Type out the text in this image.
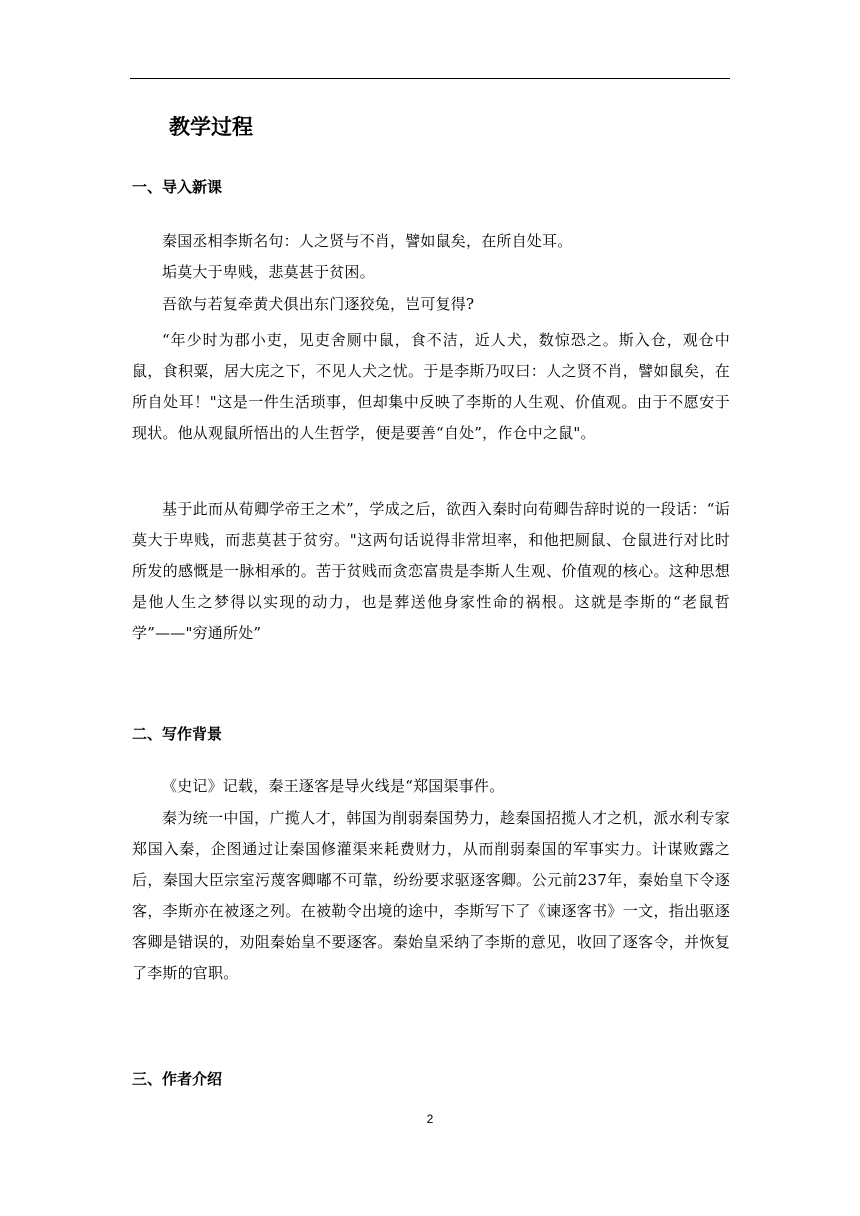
教学过程
一、导入新课

秦国丞相李斯名句：人之贤与不肖，譬如鼠矣，在所自处耳。

垢莫大于卑贱，悲莫甚于贫困。

吾欲与若复牵黄犬俱出东门逐狡兔，岂可复得?

“年少时为郡小吏，见吏舍厕中鼠，食不洁，近人犬，数惊恐之。斯入仓，观仓中鼠，食积粟，居大庑之下，不见人犬之忧。于是李斯乃叹曰：人之贤不肖，譬如鼠矣，在所自处耳！"这是一件生活琐事，但却集中反映了李斯的人生观、价值观。由于不愿安于现状。他从观鼠所悟出的人生哲学，便是要善“自处”，作仓中之鼠"。

基于此而从荀卿学帝王之术”，学成之后，欲西入秦时向荀卿告辞时说的一段话：“诟莫大于卑贱，而悲莫甚于贫穷。"这两句话说得非常坦率，和他把厕鼠、仓鼠进行对比时所发的感慨是一脉相承的。苦于贫贱而贪恋富贵是李斯人生观、价值观的核心。这种思想是他人生之梦得以实现的动力，也是葬送他身家性命的祸根。这就是李斯的“老鼠哲学”——"穷通所处”

二、写作背景

《史记》记载，秦王逐客是导火线是“郑国渠事件。

秦为统一中国，广揽人才，韩国为削弱秦国势力，趁秦国招揽人才之机，派水利专家郑国入秦，企图通过让秦国修灌渠来耗费财力，从而削弱秦国的军事实力。计谋败露之后，秦国大臣宗室污蔑客卿嘟不可靠，纷纷要求驱逐客卿。公元前237年，秦始皇下令逐客，李斯亦在被逐之列。在被勒令出境的途中，李斯写下了《谏逐客书》一文，指出驱逐客卿是错误的，劝阻秦始皇不要逐客。秦始皇采纳了李斯的意见，收回了逐客令，并恢复了李斯的官职。

三、作者介绍
2
